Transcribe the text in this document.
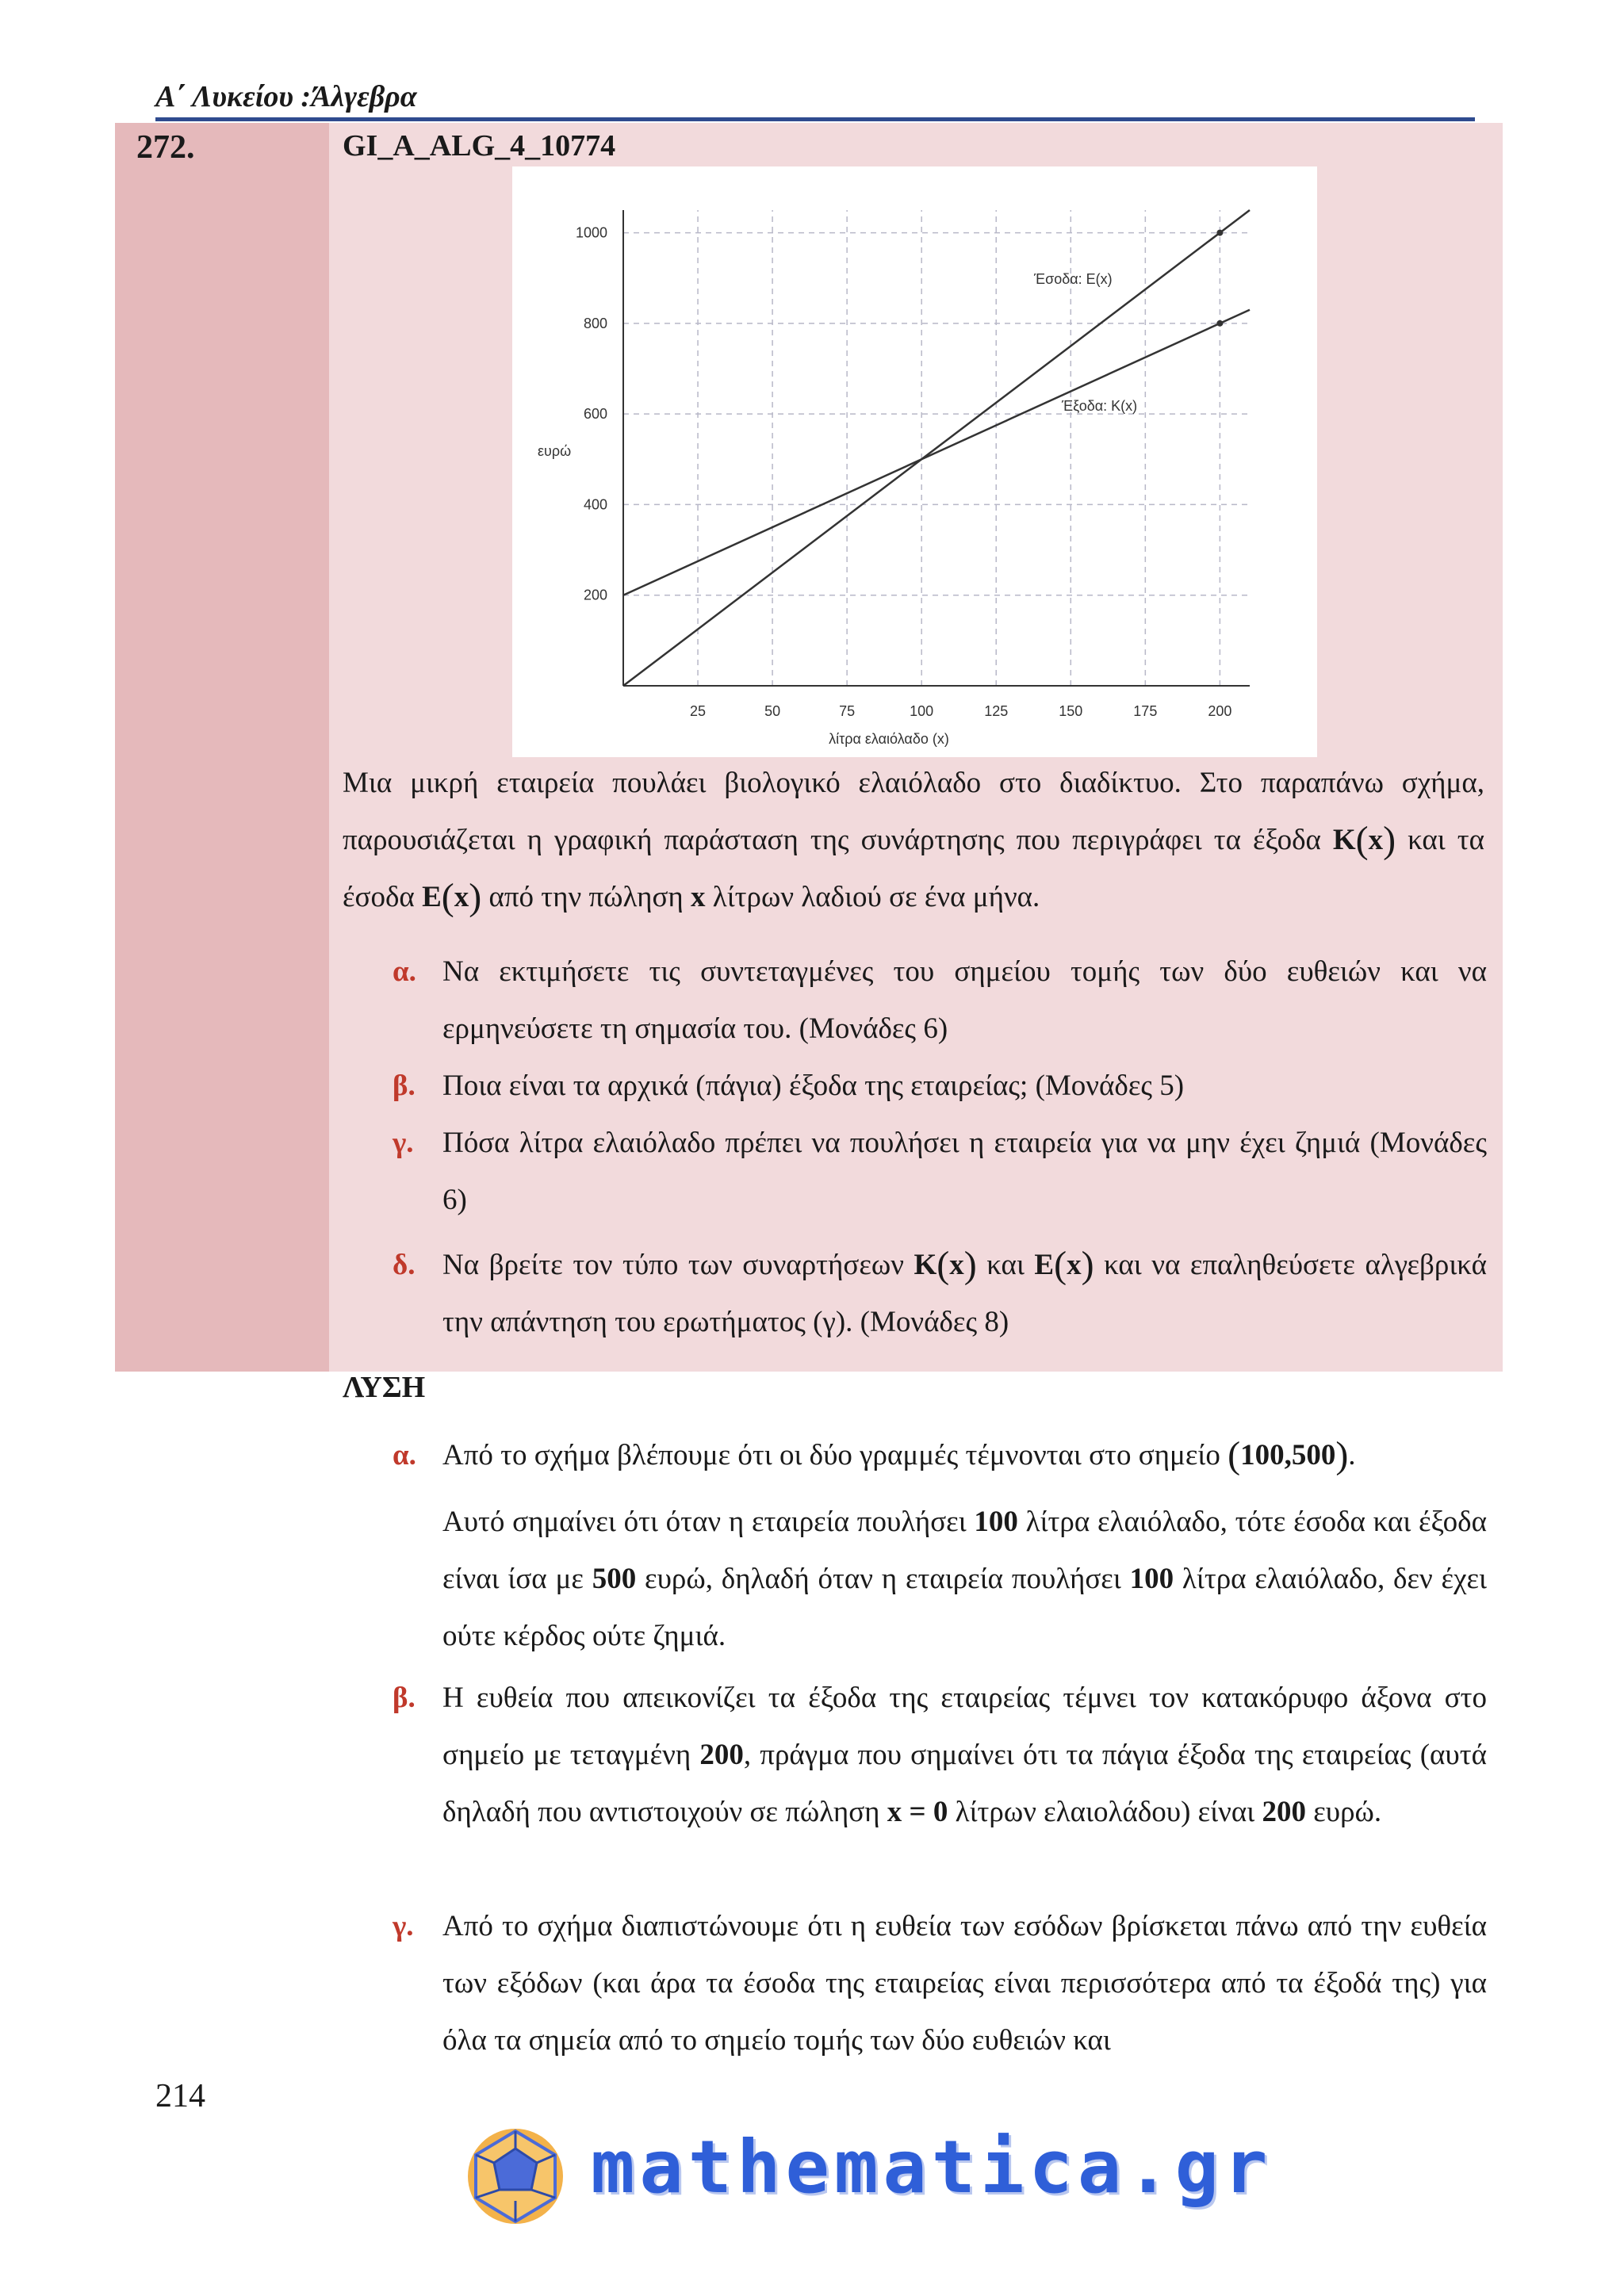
Α΄ Λυκείου :Άλγεβρα
272.	GI_A_ALG_4_10774
25	50	75	100	125	150	175	200
200
400
600
800
1000
ευρώ
λίτρα ελαιόλαδο (x)
Έσοδα: E(x)
Έξοδα: K(x)
Μια μικρή εταιρεία πουλάει βιολογικό ελαιόλαδο στο διαδίκτυο. Στο παραπάνω σχήμα, παρουσιάζεται η γραφική παράσταση της συνάρτησης που περιγράφει τα έξοδα K(x) και τα έσοδα E(x) από την πώληση x λίτρων λαδιού σε ένα μήνα.
α. Να εκτιμήσετε τις συντεταγμένες του σημείου τομής των δύο ευθειών και να ερμηνεύσετε τη σημασία του. (Μονάδες 6)
β. Ποια είναι τα αρχικά (πάγια) έξοδα της εταιρείας; (Μονάδες 5)
γ. Πόσα λίτρα ελαιόλαδο πρέπει να πουλήσει η εταιρεία για να μην έχει ζημιά (Μονάδες 6)
δ. Να βρείτε τον τύπο των συναρτήσεων K(x) και E(x) και να επαληθεύσετε αλγεβρικά την απάντηση του ερωτήματος (γ). (Μονάδες 8)
ΛΥΣΗ
α. Από το σχήμα βλέπουμε ότι οι δύο γραμμές τέμνονται στο σημείο (100,500).
Αυτό σημαίνει ότι όταν η εταιρεία πουλήσει 100 λίτρα ελαιόλαδο, τότε έσοδα και έξοδα είναι ίσα με 500 ευρώ, δηλαδή όταν η εταιρεία πουλήσει 100 λίτρα ελαιόλαδο, δεν έχει ούτε κέρδος ούτε ζημιά.
β. Η ευθεία που απεικονίζει τα έξοδα της εταιρείας τέμνει τον κατακόρυφο άξονα στο σημείο με τεταγμένη 200, πράγμα που σημαίνει ότι τα πάγια έξοδα της εταιρείας (αυτά δηλαδή που αντιστοιχούν σε πώληση x = 0 λίτρων ελαιολάδου) είναι 200 ευρώ.
γ. Από το σχήμα διαπιστώνουμε ότι η ευθεία των εσόδων βρίσκεται πάνω από την ευθεία των εξόδων (και άρα τα έσοδα της εταιρείας είναι περισσότερα από τα έξοδά της) για όλα τα σημεία από το σημείο τομής των δύο ευθειών και
214
mathematica.gr
